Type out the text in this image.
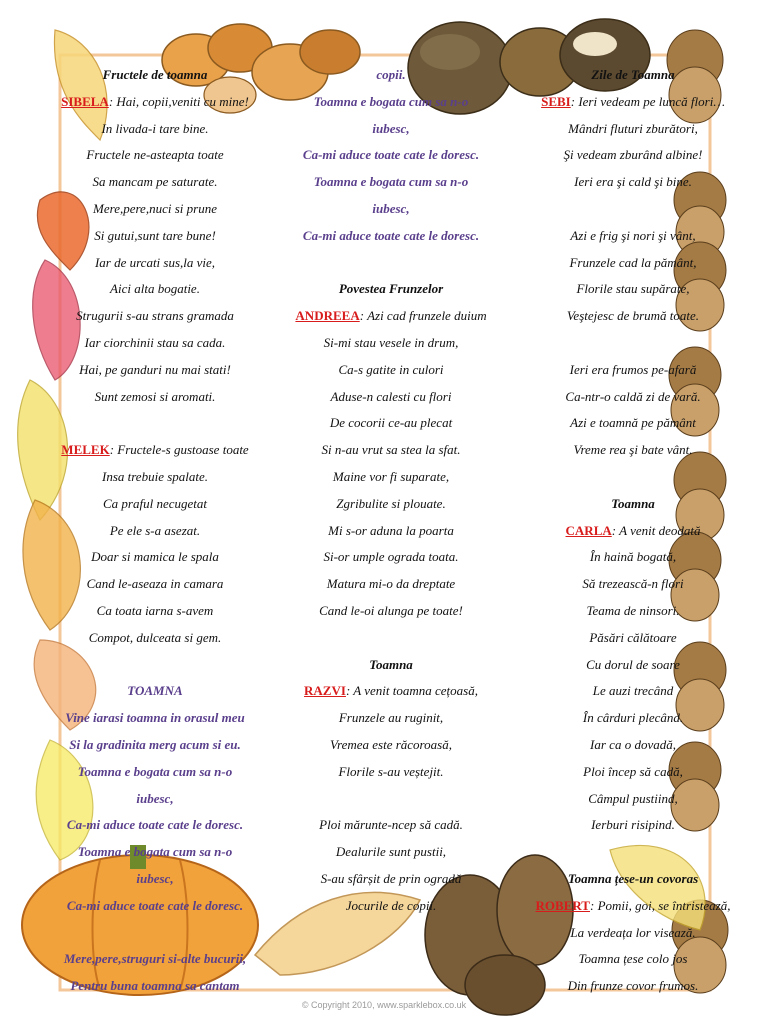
Fructele de toamna
SIBELA: Hai, copii,veniti cu mine!
In livada-i tare bine.
Fructele ne-asteapta toate
Sa mancam pe saturate.
Mere,pere,nuci si prune
Si gutui,sunt tare bune!
Iar de urcati sus,la vie,
Aici alta bogatie.
Strugurii s-au strans gramada
Iar ciorchinii stau sa cada.
Hai, pe ganduri nu mai stati!
Sunt zemosi si aromati.
MELEK: Fructele-s gustoase toate
Insa trebuie spalate.
Ca praful necugetat
Pe ele s-a asezat.
Doar si mamica le spala
Cand le-aseaza in camara
Ca toata iarna s-avem
Compot, dulceata si gem.
TOAMNA
Vine iarasi toamna in orasul meu
Si la gradinita merg acum si eu.
Toamna e bogata cum sa n-o
iubesc,
Ca-mi aduce toate cate le doresc.
Toamna e bogata cum sa n-o
iubesc,
Ca-mi aduce toate cate le doresc.
Mere,pere,struguri si-alte bucurii,
Pentru buna toamna sa cantam
copii.
Toamna e bogata cum sa n-o
iubesc,
Ca-mi aduce toate cate le doresc.
Toamna e bogata cum sa n-o
iubesc,
Ca-mi aduce toate cate le doresc.
Povestea Frunzelor
ANDREEA: Azi cad frunzele duium
Si-mi stau vesele in drum,
Ca-s gatite in culori
Aduse-n calesti cu flori
De cocorii ce-au plecat
Si n-au vrut sa stea la sfat.
Maine vor fi suparate,
Zgribulite si plouate.
Mi s-or aduna la poarta
Si-or umple ograda toata.
Matura mi-o da dreptate
Cand le-oi alunga pe toate!
Toamna
RAZVI: A venit toamna cețoasă,
Frunzele au ruginit,
Vremea este răcoroasă,
Florile s-au veștejit.
Ploi mărunte-ncep să cadă.
Dealurile sunt pustii,
S-au sfârșit de prin ogradă
Jocurile de copii.
Zile de Toamna
SEBI: Ieri vedeam pe luncă flori…
Mândri fluturi zburători,
Şi vedeam zburând albine!
Ieri era şi cald şi bine.
Azi e frig şi nori şi vânt,
Frunzele cad la pământ,
Florile stau supărate,
Veştejesc de brumă toate.
Ieri era frumos pe-afară
Ca-ntr-o caldă zi de vară.
Azi e toamnă pe pământ
Vreme rea şi bate vânt.
Toamna
CARLA: A venit deodată
În haină bogată,
Să trezească-n flori
Teama de ninsori.
Păsări călătoare
Cu dorul de soare
Le auzi trecând
În cârduri plecând.
Iar ca o dovadă,
Ploi încep să cadă,
Câmpul pustiind,
Ierburi risipind.
Toamna țese-un covoras
ROBERT: Pomii, goi, se întristează,
La verdeața lor visează.
Toamna țese colo jos
Din frunze covor frumos.
© Copyright 2010, www.sparklebox.co.uk
